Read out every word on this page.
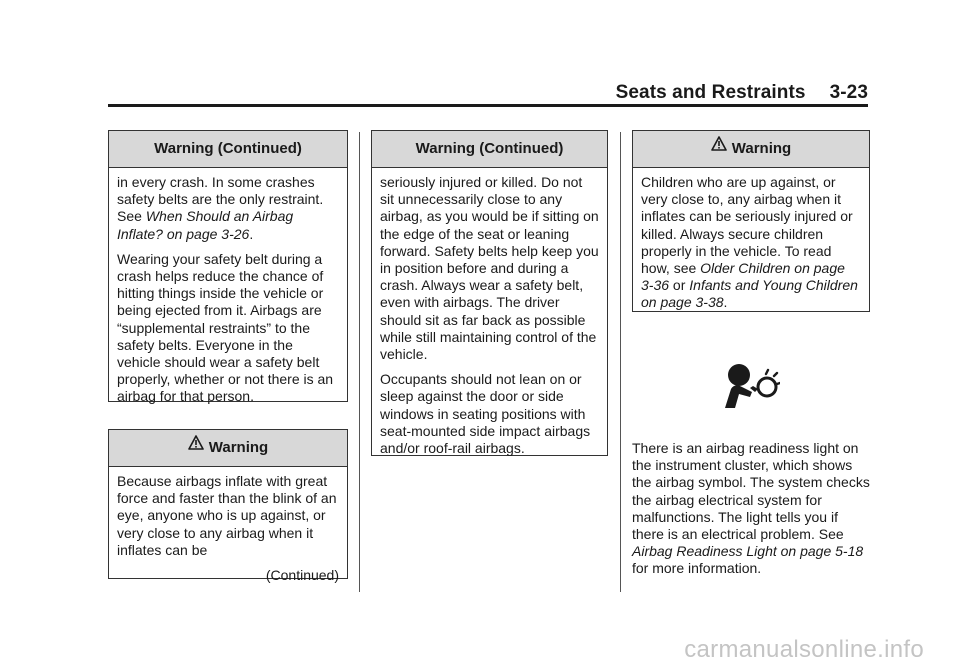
Seats and Restraints 3-23
Warning (Continued)

in every crash. In some crashes safety belts are the only restraint. See When Should an Airbag Inflate? on page 3-26.

Wearing your safety belt during a crash helps reduce the chance of hitting things inside the vehicle or being ejected from it. Airbags are “supplemental restraints” to the safety belts. Everyone in the vehicle should wear a safety belt properly, whether or not there is an airbag for that person.

Warning

Because airbags inflate with great force and faster than the blink of an eye, anyone who is up against, or very close to any airbag when it inflates can be

(Continued)
Warning (Continued)

seriously injured or killed. Do not sit unnecessarily close to any airbag, as you would be if sitting on the edge of the seat or leaning forward. Safety belts help keep you in position before and during a crash. Always wear a safety belt, even with airbags. The driver should sit as far back as possible while still maintaining control of the vehicle.

Occupants should not lean on or sleep against the door or side windows in seating positions with seat-mounted side impact airbags and/or roof-rail airbags.

Warning

Children who are up against, or very close to, any airbag when it inflates can be seriously injured or killed. Always secure children properly in the vehicle. To read how, see Older Children on page 3-36 or Infants and Young Children on page 3-38.

There is an airbag readiness light on the instrument cluster, which shows the airbag symbol. The system checks the airbag electrical system for malfunctions. The light tells you if there is an electrical problem. See Airbag Readiness Light on page 5-18 for more information.
carmanualsonline.info
